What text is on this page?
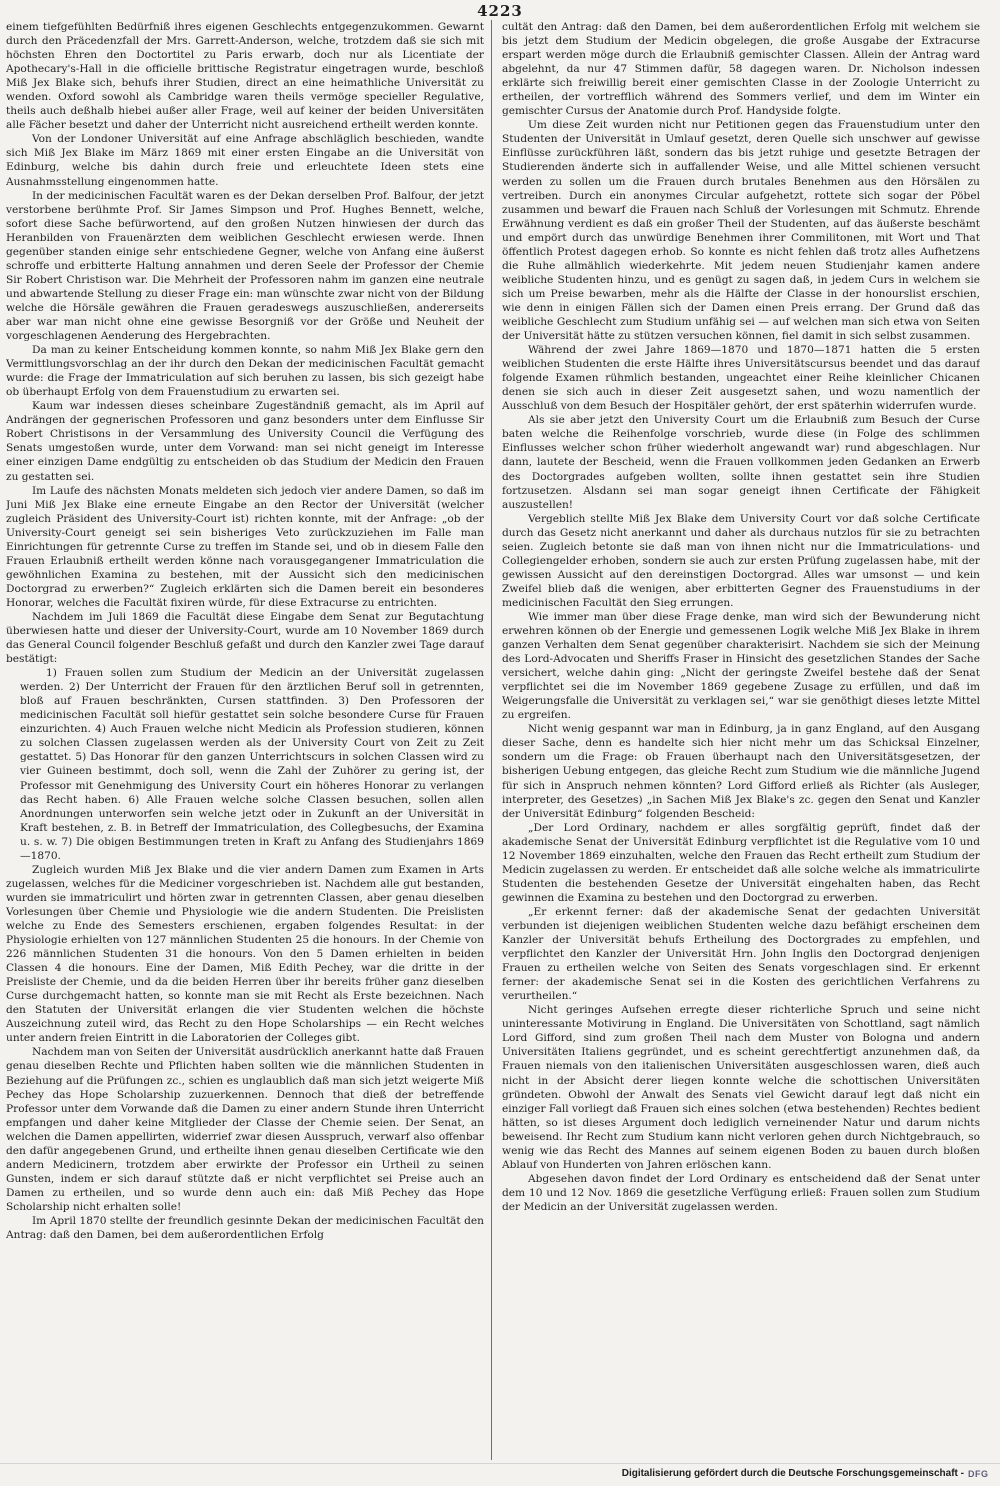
4223

einem tiefgefühlten Bedürfniß ihres eigenen Geschlechts entgegenzukommen. Gewarnt durch den Präcedenzfall der Mrs. Garrett-Anderson, welche, trotzdem daß sie sich mit höchsten Ehren den Doctortitel zu Paris erwarb, doch nur als Licentiate der Apothecary's-Hall in die officielle brittische Registratur eingetragen wurde, beschloß Miß Jex Blake sich, behufs ihrer Studien, direct an eine heimathliche Universität zu wenden. Oxford sowohl als Cambridge waren theils vermöge specieller Regulative, theils auch deßhalb hiebei außer aller Frage, weil auf keiner der beiden Universitäten alle Fächer besetzt und daher der Unterricht nicht ausreichend ertheilt werden konnte.

Von der Londoner Universität auf eine Anfrage abschläglich beschieden, wandte sich Miß Jex Blake im März 1869 mit einer ersten Eingabe an die Universität von Edinburg, welche bis dahin durch freie und erleuchtete Ideen stets eine Ausnahmsstellung eingenommen hatte.

In der medicinischen Facultät waren es der Dekan derselben Prof. Balfour, der jetzt verstorbene berühmte Prof. Sir James Simpson und Prof. Hughes Bennett, welche, sofort diese Sache befürwortend, auf den großen Nutzen hinwiesen der durch das Heranbilden von Frauenärzten dem weiblichen Geschlecht erwiesen werde. Ihnen gegenüber standen einige sehr entschiedene Gegner, welche von Anfang eine äußerst schroffe und erbitterte Haltung annahmen und deren Seele der Professor der Chemie Sir Robert Christison war. Die Mehrheit der Professoren nahm im ganzen eine neutrale und abwartende Stellung zu dieser Frage ein: man wünschte zwar nicht von der Bildung welche die Hörsäle gewähren die Frauen geradeswegs auszuschließen, andererseits aber war man nicht ohne eine gewisse Besorgniß vor der Größe und Neuheit der vorgeschlagenen Aenderung des Hergebrachten.

Da man zu keiner Entscheidung kommen konnte, so nahm Miß Jex Blake gern den Vermittlungsvorschlag an der ihr durch den Dekan der medicinischen Facultät gemacht wurde: die Frage der Immatriculation auf sich beruhen zu lassen, bis sich gezeigt habe ob überhaupt Erfolg von dem Frauenstudium zu erwarten sei.

Kaum war indessen dieses scheinbare Zugeständniß gemacht, als im April auf Andrängen der gegnerischen Professoren und ganz besonders unter dem Einflusse Sir Robert Christisons in der Versammlung des University Council die Verfügung des Senats umgestoßen wurde, unter dem Vorwand: man sei nicht geneigt im Interesse einer einzigen Dame endgültig zu entscheiden ob das Studium der Medicin den Frauen zu gestatten sei.

Im Laufe des nächsten Monats meldeten sich jedoch vier andere Damen, so daß im Juni Miß Jex Blake eine erneute Eingabe an den Rector der Universität (welcher zugleich Präsident des University-Court ist) richten konnte, mit der Anfrage: „ob der University-Court geneigt sei sein bisheriges Veto zurückzuziehen im Falle man Einrichtungen für getrennte Curse zu treffen im Stande sei, und ob in diesem Falle den Frauen Erlaubniß ertheilt werden könne nach vorausgegangener Immatriculation die gewöhnlichen Examina zu bestehen, mit der Aussicht sich den medicinischen Doctorgrad zu erwerben?“ Zugleich erklärten sich die Damen bereit ein besonderes Honorar, welches die Facultät fixiren würde, für diese Extracurse zu entrichten.

Nachdem im Juli 1869 die Facultät diese Eingabe dem Senat zur Begutachtung überwiesen hatte und dieser der University-Court, wurde am 10 November 1869 durch das General Council folgender Beschluß gefaßt und durch den Kanzler zwei Tage darauf bestätigt:

1) Frauen sollen zum Studium der Medicin an der Universität zugelassen werden. 2) Der Unterricht der Frauen für den ärztlichen Beruf soll in getrennten, bloß auf Frauen beschränkten, Cursen stattfinden. 3) Den Professoren der medicinischen Facultät soll hiefür gestattet sein solche besondere Curse für Frauen einzurichten. 4) Auch Frauen welche nicht Medicin als Profession studieren, können zu solchen Classen zugelassen werden als der University Court von Zeit zu Zeit gestattet. 5) Das Honorar für den ganzen Unterrichtscurs in solchen Classen wird zu vier Guineen bestimmt, doch soll, wenn die Zahl der Zuhörer zu gering ist, der Professor mit Genehmigung des University Court ein höheres Honorar zu verlangen das Recht haben. 6) Alle Frauen welche solche Classen besuchen, sollen allen Anordnungen unterworfen sein welche jetzt oder in Zukunft an der Universität in Kraft bestehen, z. B. in Betreff der Immatriculation, des Collegbesuchs, der Examina u. s. w. 7) Die obigen Bestimmungen treten in Kraft zu Anfang des Studienjahrs 1869—1870.

Zugleich wurden Miß Jex Blake und die vier andern Damen zum Examen in Arts zugelassen, welches für die Mediciner vorgeschrieben ist. Nachdem alle gut bestanden, wurden sie immatriculirt und hörten zwar in getrennten Classen, aber genau dieselben Vorlesungen über Chemie und Physiologie wie die andern Studenten. Die Preislisten welche zu Ende des Semesters erschienen, ergaben folgendes Resultat: in der Physiologie erhielten von 127 männlichen Studenten 25 die honours. In der Chemie von 226 männlichen Studenten 31 die honours. Von den 5 Damen erhielten in beiden Classen 4 die honours. Eine der Damen, Miß Edith Pechey, war die dritte in der Preisliste der Chemie, und da die beiden Herren über ihr bereits früher ganz dieselben Curse durchgemacht hatten, so konnte man sie mit Recht als Erste bezeichnen. Nach den Statuten der Universität erlangen die vier Studenten welchen die höchste Auszeichnung zuteil wird, das Recht zu den Hope Scholarships — ein Recht welches unter andern freien Eintritt in die Laboratorien der Colleges gibt.

Nachdem man von Seiten der Universität ausdrücklich anerkannt hatte daß Frauen genau dieselben Rechte und Pflichten haben sollten wie die männlichen Studenten in Beziehung auf die Prüfungen zc., schien es unglaublich daß man sich jetzt weigerte Miß Pechey das Hope Scholarship zuzuerkennen. Dennoch that dieß der betreffende Professor unter dem Vorwande daß die Damen zu einer andern Stunde ihren Unterricht empfangen und daher keine Mitglieder der Classe der Chemie seien. Der Senat, an welchen die Damen appellirten, widerrief zwar diesen Ausspruch, verwarf also offenbar den dafür angegebenen Grund, und ertheilte ihnen genau dieselben Certificate wie den andern Medicinern, trotzdem aber erwirkte der Professor ein Urtheil zu seinen Gunsten, indem er sich darauf stützte daß er nicht verpflichtet sei Preise auch an Damen zu ertheilen, und so wurde denn auch ein: daß Miß Pechey das Hope Scholarship nicht erhalten solle!

Im April 1870 stellte der freundlich gesinnte Dekan der medicinischen Facultät den Antrag: daß den Damen, bei dem außerordentlichen Erfolg

cultät den Antrag: daß den Damen, bei dem außerordentlichen Erfolg mit welchem sie bis jetzt dem Studium der Medicin obgelegen, die große Ausgabe der Extracurse erspart werden möge durch die Erlaubniß gemischter Classen. Allein der Antrag ward abgelehnt, da nur 47 Stimmen dafür, 58 dagegen waren. Dr. Nicholson indessen erklärte sich freiwillig bereit einer gemischten Classe in der Zoologie Unterricht zu ertheilen, der vortrefflich während des Sommers verlief, und dem im Winter ein gemischter Cursus der Anatomie durch Prof. Handyside folgte.

Um diese Zeit wurden nicht nur Petitionen gegen das Frauenstudium unter den Studenten der Universität in Umlauf gesetzt, deren Quelle sich unschwer auf gewisse Einflüsse zurückführen läßt, sondern das bis jetzt ruhige und gesetzte Betragen der Studierenden änderte sich in auffallender Weise, und alle Mittel schienen versucht werden zu sollen um die Frauen durch brutales Benehmen aus den Hörsälen zu vertreiben. Durch ein anonymes Circular aufgehetzt, rottete sich sogar der Pöbel zusammen und bewarf die Frauen nach Schluß der Vorlesungen mit Schmutz. Ehrende Erwähnung verdient es daß ein großer Theil der Studenten, auf das äußerste beschämt und empört durch das unwürdige Benehmen ihrer Commilitonen, mit Wort und That öffentlich Protest dagegen erhob. So konnte es nicht fehlen daß trotz alles Aufhetzens die Ruhe allmählich wiederkehrte. Mit jedem neuen Studienjahr kamen andere weibliche Studenten hinzu, und es genügt zu sagen daß, in jedem Curs in welchem sie sich um Preise bewarben, mehr als die Hälfte der Classe in der honourslist erschien, wie denn in einigen Fällen sich der Damen einen Preis errang. Der Grund daß das weibliche Geschlecht zum Studium unfähig sei — auf welchen man sich etwa von Seiten der Universität hätte zu stützen versuchen können, fiel damit in sich selbst zusammen.

Während der zwei Jahre 1869—1870 und 1870—1871 hatten die 5 ersten weiblichen Studenten die erste Hälfte ihres Universitätscursus beendet und das darauf folgende Examen rühmlich bestanden, ungeachtet einer Reihe kleinlicher Chicanen denen sie sich auch in dieser Zeit ausgesetzt sahen, und wozu namentlich der Ausschluß von dem Besuch der Hospitäler gehört, der erst späterhin widerrufen wurde.

Als sie aber jetzt den University Court um die Erlaubniß zum Besuch der Curse baten welche die Reihenfolge vorschrieb, wurde diese (in Folge des schlimmen Einflusses welcher schon früher wiederholt angewandt war) rund abgeschlagen. Nur dann, lautete der Bescheid, wenn die Frauen vollkommen jeden Gedanken an Erwerb des Doctorgrades aufgeben wollten, sollte ihnen gestattet sein ihre Studien fortzusetzen. Alsdann sei man sogar geneigt ihnen Certificate der Fähigkeit auszustellen!

Vergeblich stellte Miß Jex Blake dem University Court vor daß solche Certificate durch das Gesetz nicht anerkannt und daher als durchaus nutzlos für sie zu betrachten seien. Zugleich betonte sie daß man von ihnen nicht nur die Immatriculations- und Collegiengelder erhoben, sondern sie auch zur ersten Prüfung zugelassen habe, mit der gewissen Aussicht auf den dereinstigen Doctorgrad. Alles war umsonst — und kein Zweifel blieb daß die wenigen, aber erbitterten Gegner des Frauenstudiums in der medicinischen Facultät den Sieg errungen.

Wie immer man über diese Frage denke, man wird sich der Bewunderung nicht erwehren können ob der Energie und gemessenen Logik welche Miß Jex Blake in ihrem ganzen Verhalten dem Senat gegenüber charakterisirt. Nachdem sie sich der Meinung des Lord-Advocaten und Sheriffs Fraser in Hinsicht des gesetzlichen Standes der Sache versichert, welche dahin ging: „Nicht der geringste Zweifel bestehe daß der Senat verpflichtet sei die im November 1869 gegebene Zusage zu erfüllen, und daß im Weigerungsfalle die Universität zu verklagen sei,“ war sie genöthigt dieses letzte Mittel zu ergreifen.

Nicht wenig gespannt war man in Edinburg, ja in ganz England, auf den Ausgang dieser Sache, denn es handelte sich hier nicht mehr um das Schicksal Einzelner, sondern um die Frage: ob Frauen überhaupt nach den Universitätsgesetzen, der bisherigen Uebung entgegen, das gleiche Recht zum Studium wie die männliche Jugend für sich in Anspruch nehmen könnten? Lord Gifford erließ als Richter (als Ausleger, interpreter, des Gesetzes) „in Sachen Miß Jex Blake's zc. gegen den Senat und Kanzler der Universität Edinburg“ folgenden Bescheid:

„Der Lord Ordinary, nachdem er alles sorgfältig geprüft, findet daß der akademische Senat der Universität Edinburg verpflichtet ist die Regulative vom 10 und 12 November 1869 einzuhalten, welche den Frauen das Recht ertheilt zum Studium der Medicin zugelassen zu werden. Er entscheidet daß alle solche welche als immatriculirte Studenten die bestehenden Gesetze der Universität eingehalten haben, das Recht gewinnen die Examina zu bestehen und den Doctorgrad zu erwerben.

„Er erkennt ferner: daß der akademische Senat der gedachten Universität verbunden ist diejenigen weiblichen Studenten welche dazu befähigt erscheinen dem Kanzler der Universität behufs Ertheilung des Doctorgrades zu empfehlen, und verpflichtet den Kanzler der Universität Hrn. John Inglis den Doctorgrad denjenigen Frauen zu ertheilen welche von Seiten des Senats vorgeschlagen sind. Er erkennt ferner: der akademische Senat sei in die Kosten des gerichtlichen Verfahrens zu verurtheilen.“

Nicht geringes Aufsehen erregte dieser richterliche Spruch und seine nicht uninteressante Motivirung in England. Die Universitäten von Schottland, sagt nämlich Lord Gifford, sind zum großen Theil nach dem Muster von Bologna und andern Universitäten Italiens gegründet, und es scheint gerechtfertigt anzunehmen daß, da Frauen niemals von den italienischen Universitäten ausgeschlossen waren, dieß auch nicht in der Absicht derer liegen konnte welche die schottischen Universitäten gründeten. Obwohl der Anwalt des Senats viel Gewicht darauf legt daß nicht ein einziger Fall vorliegt daß Frauen sich eines solchen (etwa bestehenden) Rechtes bedient hätten, so ist dieses Argument doch lediglich verneinender Natur und darum nichts beweisend. Ihr Recht zum Studium kann nicht verloren gehen durch Nichtgebrauch, so wenig wie das Recht des Mannes auf seinem eigenen Boden zu bauen durch bloßen Ablauf von Hunderten von Jahren erlöschen kann.

Abgesehen davon findet der Lord Ordinary es entscheidend daß der Senat unter dem 10 und 12 Nov. 1869 die gesetzliche Verfügung erließ: Frauen sollen zum Studium der Medicin an der Universität zugelassen werden.

Digitalisierung gefördert durch die Deutsche Forschungsgemeinschaft - DFG
